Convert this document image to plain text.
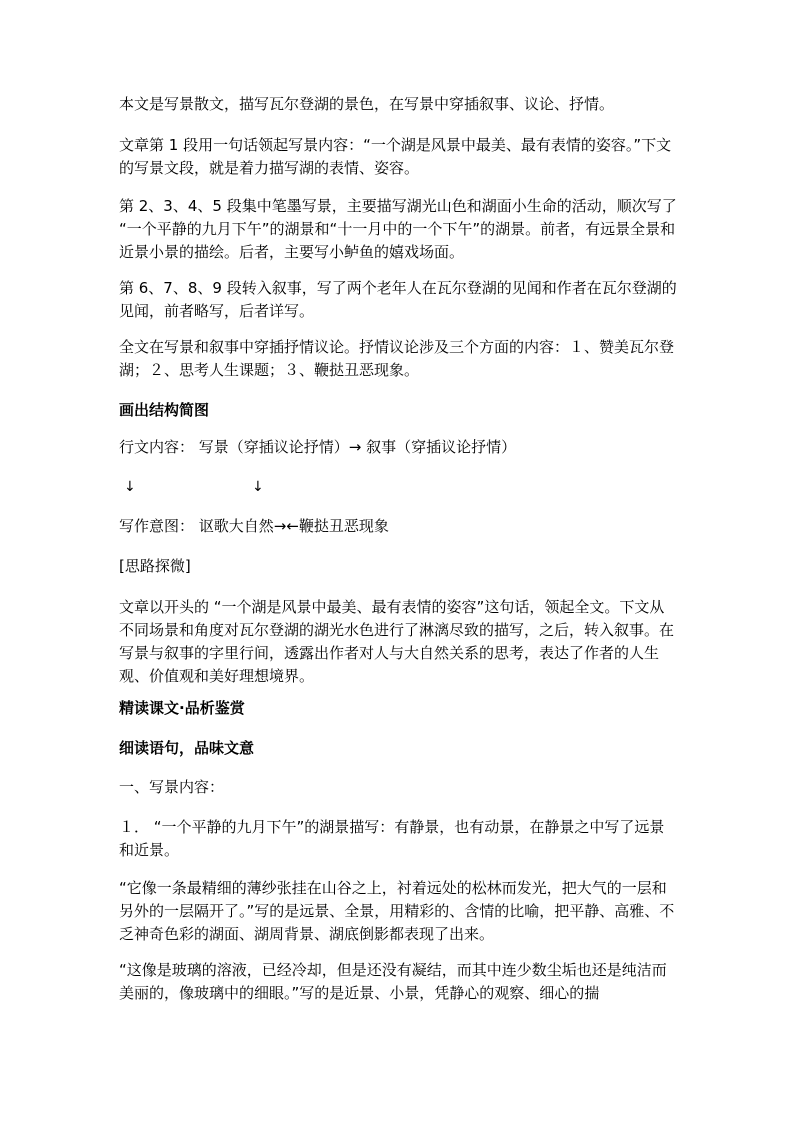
本文是写景散文，描写瓦尔登湖的景色，在写景中穿插叙事、议论、抒情。

文章第 1 段用一句话领起写景内容：“一个湖是风景中最美、最有表情的姿容。”下文的写景文段，就是着力描写湖的表情、姿容。

第 2、3、4、5 段集中笔墨写景，主要描写湖光山色和湖面小生命的活动，顺次写了 “一个平静的九月下午”的湖景和“十一月中的一个下午”的湖景。前者，有远景全景和近景小景的描绘。后者，主要写小鲈鱼的嬉戏场面。

第 6、7、8、9 段转入叙事，写了两个老年人在瓦尔登湖的见闻和作者在瓦尔登湖的见闻，前者略写，后者详写。

全文在写景和叙事中穿插抒情议论。抒情议论涉及三个方面的内容：１、赞美瓦尔登湖；２、思考人生课题；３、鞭挞丑恶现象。

画出结构简图

行文内容： 写景（穿插议论抒情）→ 叙事（穿插议论抒情）

↓	↓

写作意图： 讴歌大自然→←鞭挞丑恶现象

[思路探微]

文章以开头的 “一个湖是风景中最美、最有表情的姿容”这句话，领起全文。下文从不同场景和角度对瓦尔登湖的湖光水色进行了淋漓尽致的描写，之后，转入叙事。在写景与叙事的字里行间，透露出作者对人与大自然关系的思考，表达了作者的人生观、价值观和美好理想境界。

精读课文·品析鉴赏

细读语句，品味文意

一、写景内容：

１． “一个平静的九月下午”的湖景描写：有静景，也有动景，在静景之中写了远景和近景。

“它像一条最精细的薄纱张挂在山谷之上，衬着远处的松林而发光，把大气的一层和另外的一层隔开了。”写的是远景、全景，用精彩的、含情的比喻，把平静、高雅、不乏神奇色彩的湖面、湖周背景、湖底倒影都表现了出来。

“这像是玻璃的溶液，已经冷却，但是还没有凝结，而其中连少数尘垢也还是纯洁而美丽的，像玻璃中的细眼。”写的是近景、小景，凭静心的观察、细心的揣
